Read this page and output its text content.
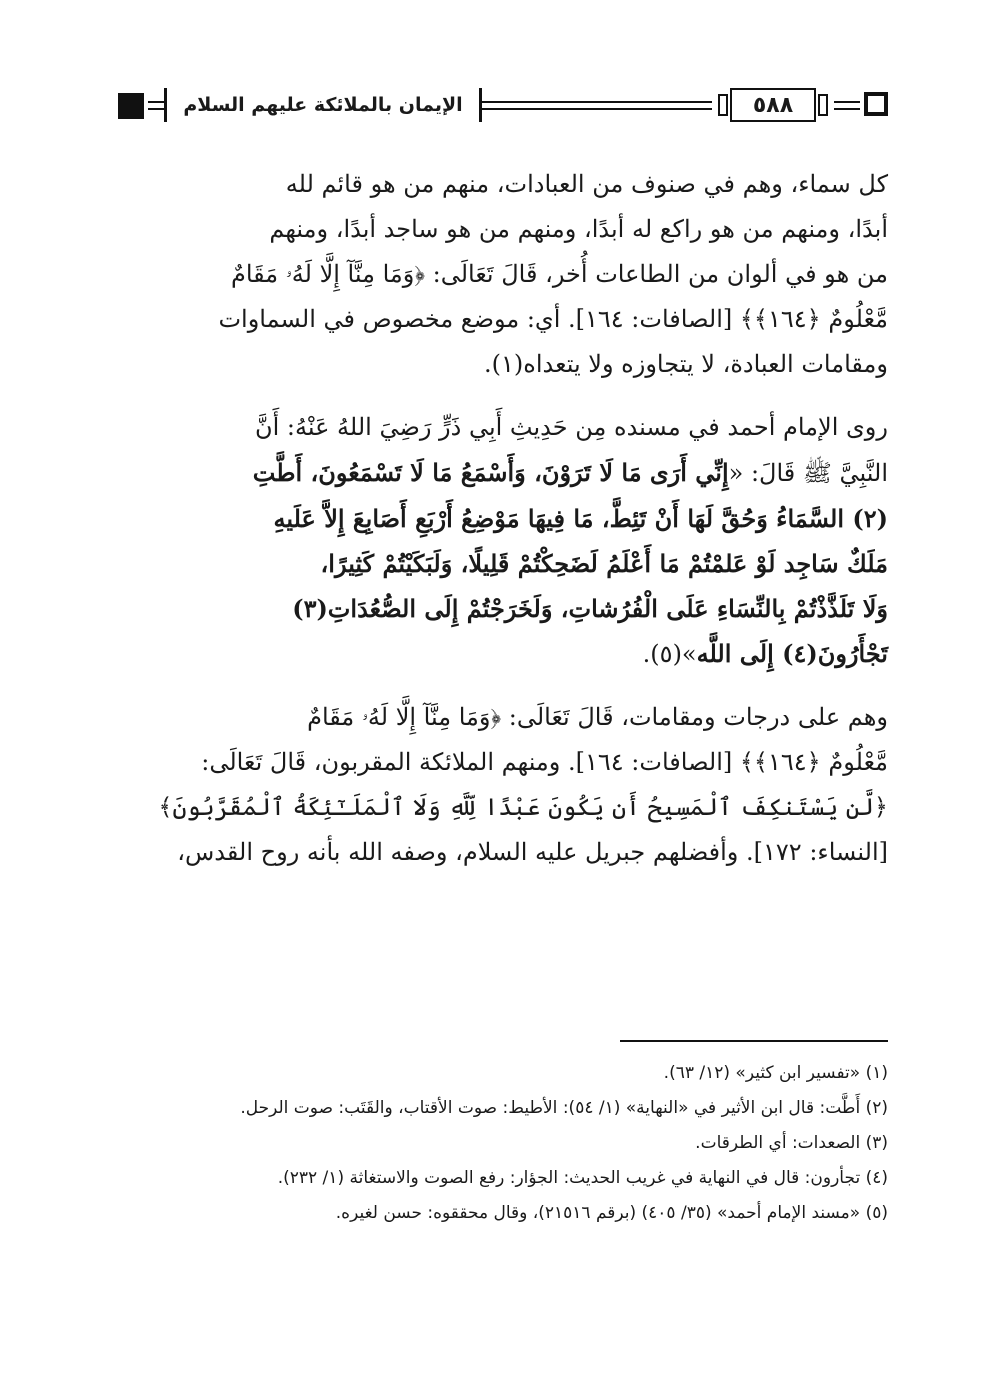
الإيمان بالملائكة عليهم السلام	٥٨٨

كل سماء، وهم في صنوف من العبادات، منهم من هو قائم لله

أبدًا، ومنهم من هو راكع له أبدًا، ومنهم من هو ساجد أبدًا، ومنهم

من هو في ألوان من الطاعات أُخر، قَالَ تَعَالَى: ﴿وَمَا مِنَّآ إِلَّا لَهُۥ مَقَامٌ

مَّعْلُومٌ ﴿١٦٤﴾﴾ [الصافات: ١٦٤]. أي: موضع مخصوص في السماوات

ومقامات العبادة، لا يتجاوزه ولا يتعداه(١).

روى الإمام أحمد في مسنده مِن حَدِيثِ أَبِي ذَرٍّ رَضِيَ اللهُ عَنْهُ: أَنَّ

النَّبِيَّ ﷺ قَالَ: «إِنِّي أَرَى مَا لَا تَرَوْنَ، وَأَسْمَعُ مَا لَا تَسْمَعُونَ، أَطَّتِ

(٢) السَّمَاءُ وَحُقَّ لَهَا أَنْ تَئِطَّ، مَا فِيهَا مَوْضِعُ أَرْبَعِ أَصَابِعَ إِلاَّ عَلَيهِ

مَلَكٌ سَاجِد لَوْ عَلمْتُمْ مَا أَعْلَمُ لَضَحِكْتُمْ قَلِيلًا، وَلَبَكَيْتُمْ كَثِيرًا،

وَلَا تَلَذَّذْتُمْ بِالنِّسَاءِ عَلَى الْفُرُشاتِ، وَلَخَرَجْتُمْ إِلَى الصُّعُدَاتِ(٣)

تَجْأَرُونَ(٤) إِلَى اللَّه»(٥).

وهم على درجات ومقامات، قَالَ تَعَالَى: ﴿وَمَا مِنَّآ إِلَّا لَهُۥ مَقَامٌ

مَّعْلُومٌ ﴿١٦٤﴾﴾ [الصافات: ١٦٤]. ومنهم الملائكة المقربون، قَالَ تَعَالَى:

﴿لَّن يَسْتَنكِفَ ٱلْمَسِيحُ أَن يَكُونَ عَبْدًا لِّلَّهِ وَلَا ٱلْمَلَـٰٓئِكَةُ ٱلْمُقَرَّبُونَ﴾

[النساء: ١٧٢]. وأفضلهم جبريل عليه السلام، وصفه الله بأنه روح القدس،

(١) «تفسير ابن كثير» (١٢/ ٦٣).

(٢) أَطَّت: قال ابن الأثير في «النهاية» (١/ ٥٤): الأطيط: صوت الأقتاب، والقَتَب: صوت الرحل.

(٣) الصعدات: أي الطرقات.

(٤) تجأرون: قال في النهاية في غريب الحديث: الجؤار: رفع الصوت والاستغاثة (١/ ٢٣٢).

(٥) «مسند الإمام أحمد» (٣٥/ ٤٠٥) (برقم ٢١٥١٦)، وقال محققوه: حسن لغيره.
